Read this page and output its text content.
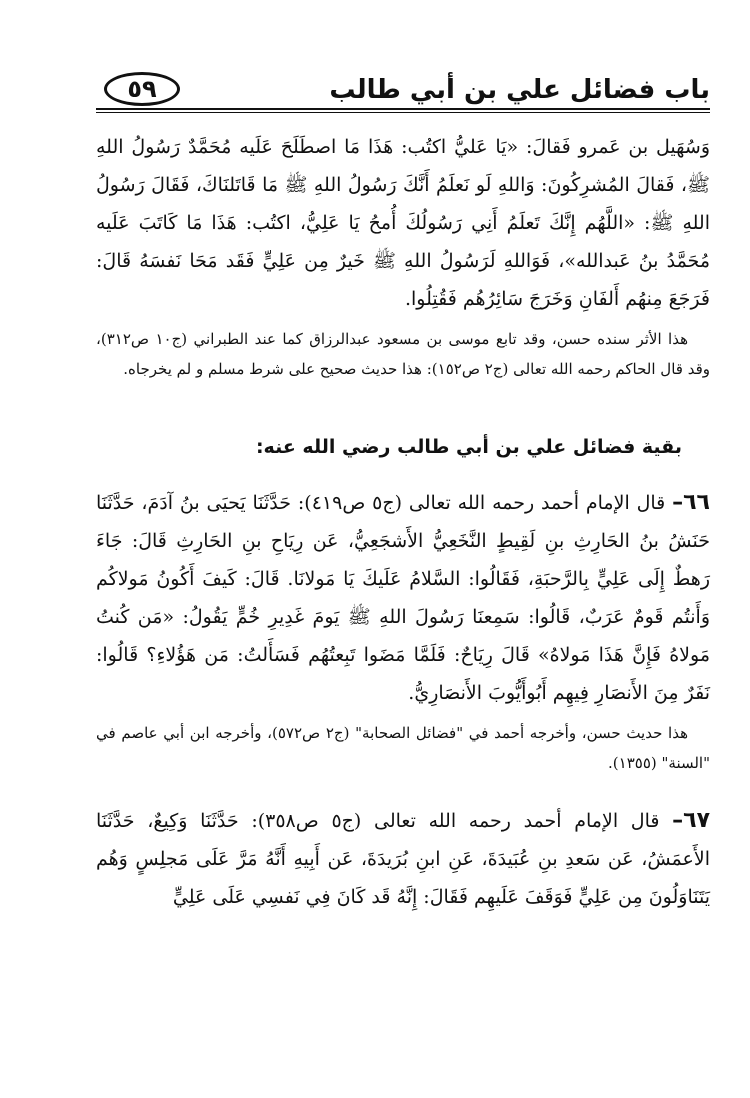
باب فضائل علي بن أبي طالب
٥٩

وَسُهَيل بن عَمرو فَقالَ: «يَا عَليُّ اكتُب: هَذَا مَا اصطَلَحَ عَلَيه مُحَمَّدٌ رَسُولُ اللهِ ﷺ، فَقالَ المُشرِكُونَ: وَاللهِ لَو نَعلَمُ أَنَّكَ رَسُولُ اللهِ ﷺ مَا قَاتَلنَاكَ، فَقَالَ رَسُولُ اللهِ ﷺ: «اللَّهُم إِنَّكَ تَعلَمُ أَنِي رَسُولُكَ أُمحُ يَا عَلِيُّ، اكتُب: هَذَا مَا كَاتَبَ عَلَيه مُحَمَّدُ بنُ عَبدالله»، فَوَاللهِ لَرَسُولُ اللهِ ﷺ خَيرٌ مِن عَلِيٍّ فَقَد مَحَا نَفسَهُ قَالَ: فَرَجَعَ مِنهُم أَلفَانِ وَخَرَجَ سَائِرُهُم فَقُتِلُوا.

هذا الأثر سنده حسن، وقد تابع موسى بن مسعود عبدالرزاق كما عند الطبراني (ج١٠ ص٣١٢)، وقد قال الحاكم رحمه الله تعالى (ج٢ ص١٥٢): هذا حديث صحيح على شرط مسلم و لم يخرجاه.

بقية فضائل علي بن أبي طالب رضي الله عنه:

٦٦– قال الإمام أحمد رحمه الله تعالى (ج٥ ص٤١٩): حَدَّثَنَا يَحيَى بنُ آدَمَ، حَدَّثَنَا حَنَشُ بنُ الحَارِثِ بنِ لَقِيطٍ النَّخَعِيُّ الأَشجَعِيُّ، عَن رِيَاحِ بنِ الحَارِثِ قَالَ: جَاءَ رَهطٌ إِلَى عَلِيٍّ بِالرَّحبَةِ، فَقَالُوا: السَّلامُ عَلَيكَ يَا مَولانَا. قَالَ: كَيفَ أَكُونُ مَولاكُم وَأَنتُم قَومٌ عَرَبٌ، قَالُوا: سَمِعنَا رَسُولَ اللهِ ﷺ يَومَ غَدِيرِ خُمٍّ يَقُولُ: «مَن كُنتُ مَولاهُ فَإِنَّ هَذَا مَولاهُ» قَالَ رِيَاحٌ: فَلَمَّا مَضَوا تَبِعتُهُم فَسَأَلتُ: مَن هَؤُلاءِ؟ قَالُوا: نَفَرٌ مِنَ الأَنصَارِ فِيهِم أَبُوأَيُّوبَ الأَنصَارِيُّ.

هذا حديث حسن، وأخرجه أحمد في "فضائل الصحابة" (ج٢ ص٥٧٢)، وأخرجه ابن أبي عاصم في "السنة" (١٣٥٥).

٦٧– قال الإمام أحمد رحمه الله تعالى (ج٥ ص٣٥٨): حَدَّثَنَا وَكِيعٌ، حَدَّثَنَا الأَعمَشُ، عَن سَعدِ بنِ عُبَيدَةَ، عَنِ ابنِ بُرَيدَةَ، عَن أَبِيهِ أَنَّهُ مَرَّ عَلَى مَجلِسٍ وَهُم يَتَنَاوَلُونَ مِن عَلِيٍّ فَوَقَفَ عَلَيهِم فَقَالَ: إِنَّهُ قَد كَانَ فِي نَفسِي عَلَى عَلِيٍّ
